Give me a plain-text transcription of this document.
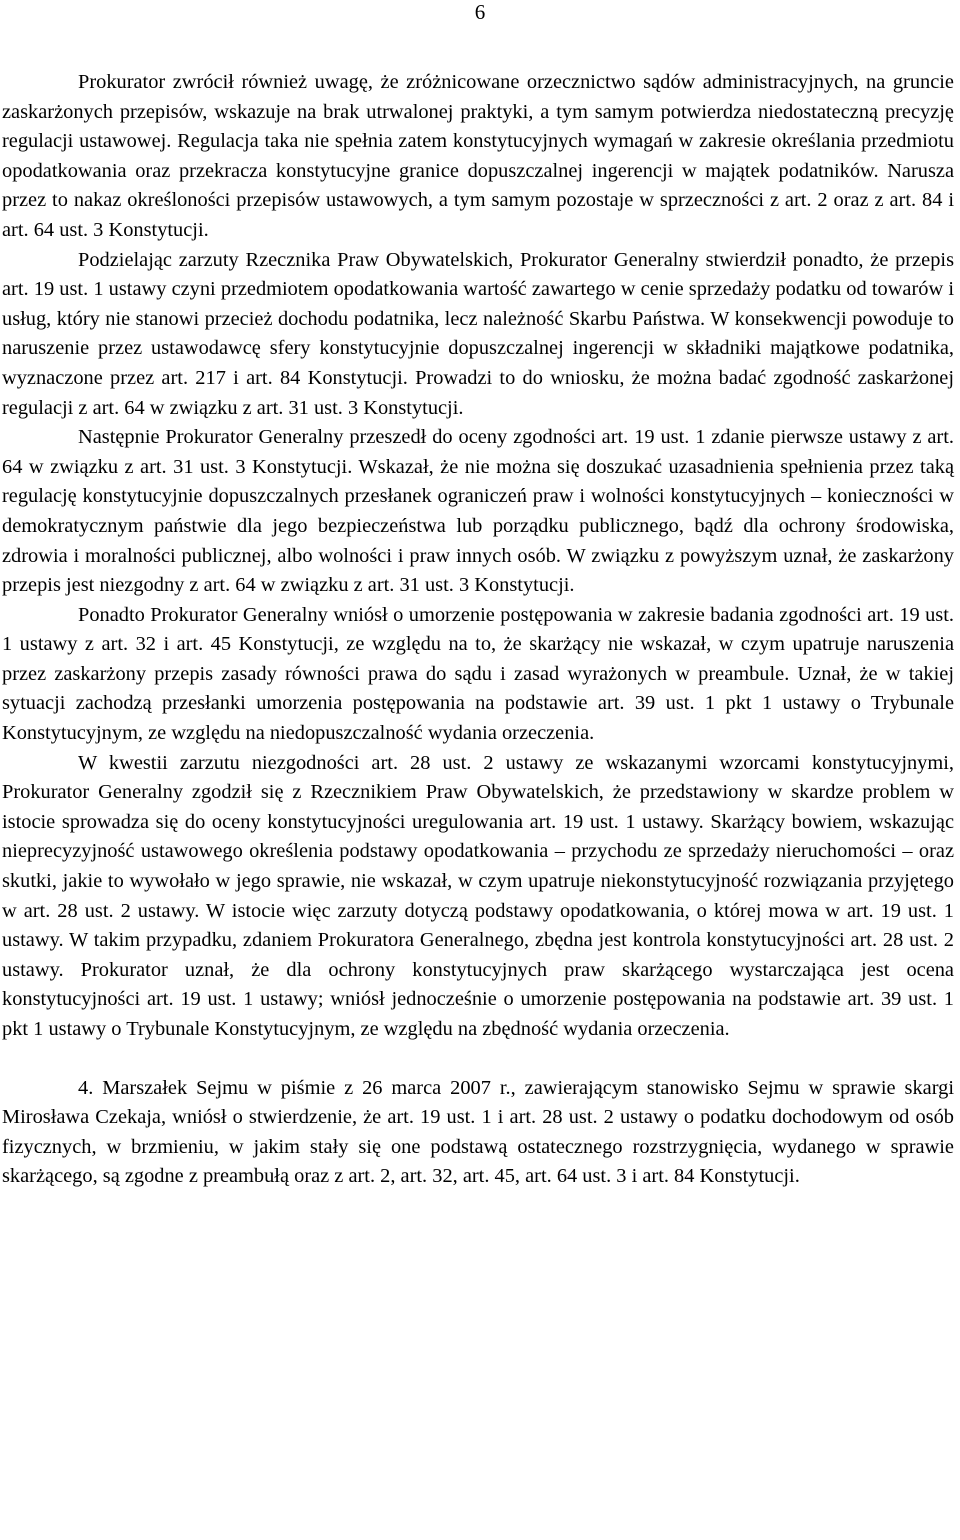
6

Prokurator zwrócił również uwagę, że zróżnicowane orzecznictwo sądów administracyjnych, na gruncie zaskarżonych przepisów, wskazuje na brak utrwalonej praktyki, a tym samym potwierdza niedostateczną precyzję regulacji ustawowej. Regulacja taka nie spełnia zatem konstytucyjnych wymagań w zakresie określania przedmiotu opodatkowania oraz przekracza konstytucyjne granice dopuszczalnej ingerencji w majątek podatników. Narusza przez to nakaz określoności przepisów ustawowych, a tym samym pozostaje w sprzeczności z art. 2 oraz z art. 84 i art. 64 ust. 3 Konstytucji.

Podzielając zarzuty Rzecznika Praw Obywatelskich, Prokurator Generalny stwierdził ponadto, że przepis art. 19 ust. 1 ustawy czyni przedmiotem opodatkowania wartość zawartego w cenie sprzedaży podatku od towarów i usług, który nie stanowi przecież dochodu podatnika, lecz należność Skarbu Państwa. W konsekwencji powoduje to naruszenie przez ustawodawcę sfery konstytucyjnie dopuszczalnej ingerencji w składniki majątkowe podatnika, wyznaczone przez art. 217 i art. 84 Konstytucji. Prowadzi to do wniosku, że można badać zgodność zaskarżonej regulacji z art. 64 w związku z art. 31 ust. 3 Konstytucji.

Następnie Prokurator Generalny przeszedł do oceny zgodności art. 19 ust. 1 zdanie pierwsze ustawy z art. 64 w związku z art. 31 ust. 3 Konstytucji. Wskazał, że nie można się doszukać uzasadnienia spełnienia przez taką regulację konstytucyjnie dopuszczalnych przesłanek ograniczeń praw i wolności konstytucyjnych – konieczności w demokratycznym państwie dla jego bezpieczeństwa lub porządku publicznego, bądź dla ochrony środowiska, zdrowia i moralności publicznej, albo wolności i praw innych osób. W związku z powyższym uznał, że zaskarżony przepis jest niezgodny z art. 64 w związku z art. 31 ust. 3 Konstytucji.

Ponadto Prokurator Generalny wniósł o umorzenie postępowania w zakresie badania zgodności art. 19 ust. 1 ustawy z art. 32 i art. 45 Konstytucji, ze względu na to, że skarżący nie wskazał, w czym upatruje naruszenia przez zaskarżony przepis zasady równości prawa do sądu i zasad wyrażonych w preambule. Uznał, że w takiej sytuacji zachodzą przesłanki umorzenia postępowania na podstawie art. 39 ust. 1 pkt 1 ustawy o Trybunale Konstytucyjnym, ze względu na niedopuszczalność wydania orzeczenia.

W kwestii zarzutu niezgodności art. 28 ust. 2 ustawy ze wskazanymi wzorcami konstytucyjnymi, Prokurator Generalny zgodził się z Rzecznikiem Praw Obywatelskich, że przedstawiony w skardze problem w istocie sprowadza się do oceny konstytucyjności uregulowania art. 19 ust. 1 ustawy. Skarżący bowiem, wskazując nieprecyzyjność ustawowego określenia podstawy opodatkowania – przychodu ze sprzedaży nieruchomości – oraz skutki, jakie to wywołało w jego sprawie, nie wskazał, w czym upatruje niekonstytucyjność rozwiązania przyjętego w art. 28 ust. 2 ustawy. W istocie więc zarzuty dotyczą podstawy opodatkowania, o której mowa w art. 19 ust. 1 ustawy. W takim przypadku, zdaniem Prokuratora Generalnego, zbędna jest kontrola konstytucyjności art. 28 ust. 2 ustawy. Prokurator uznał, że dla ochrony konstytucyjnych praw skarżącego wystarczająca jest ocena konstytucyjności art. 19 ust. 1 ustawy; wniósł jednocześnie o umorzenie postępowania na podstawie art. 39 ust. 1 pkt 1 ustawy o Trybunale Konstytucyjnym, ze względu na zbędność wydania orzeczenia.

4. Marszałek Sejmu w piśmie z 26 marca 2007 r., zawierającym stanowisko Sejmu w sprawie skargi Mirosława Czekaja, wniósł o stwierdzenie, że art. 19 ust. 1 i art. 28 ust. 2 ustawy o podatku dochodowym od osób fizycznych, w brzmieniu, w jakim stały się one podstawą ostatecznego rozstrzygnięcia, wydanego w sprawie skarżącego, są zgodne z preambułą oraz z art. 2, art. 32, art. 45, art. 64 ust. 3 i art. 84 Konstytucji.
